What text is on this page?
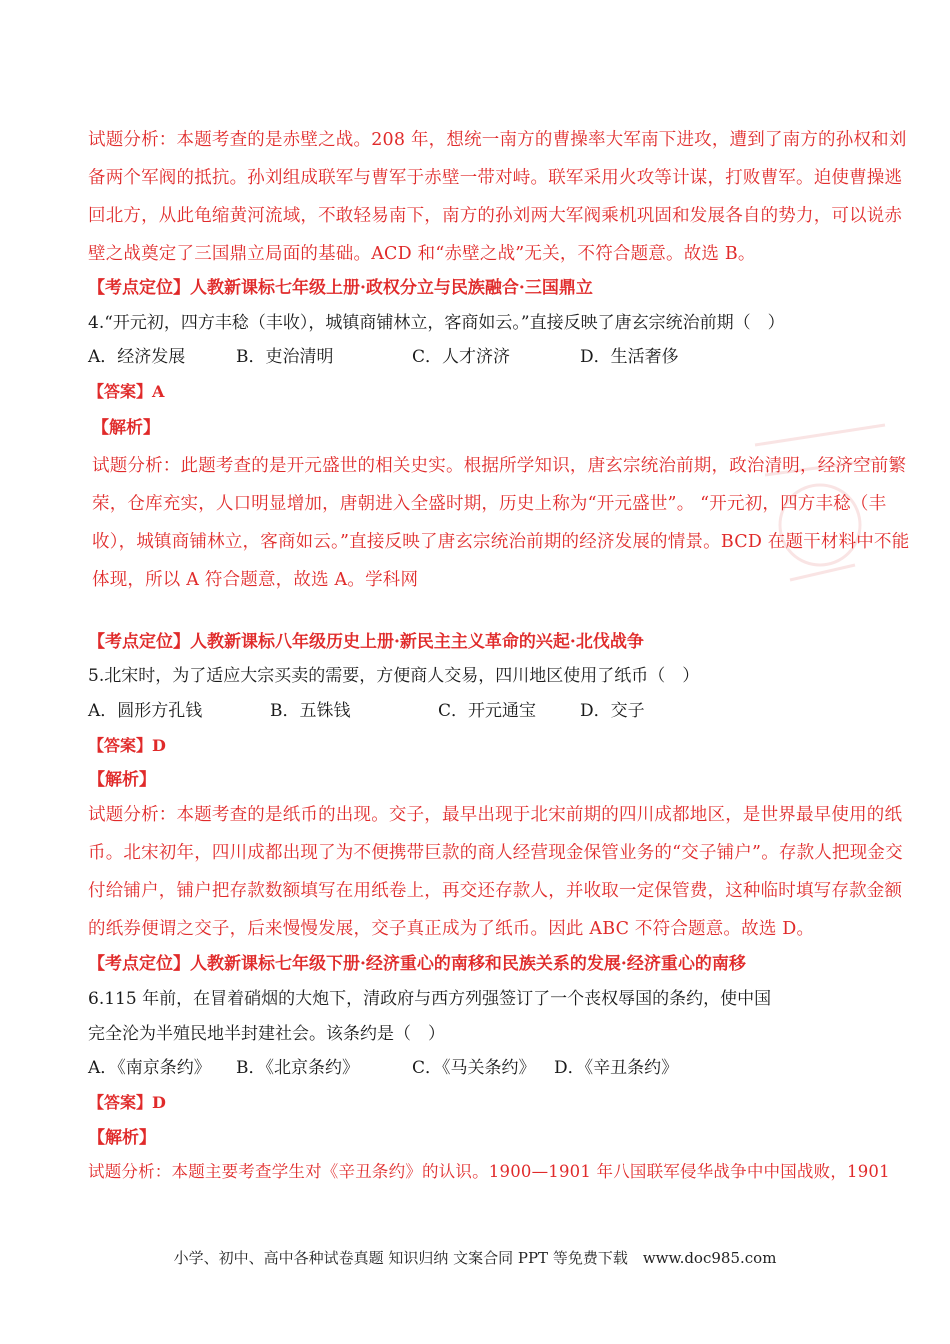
试题分析：本题考查的是赤壁之战。208 年，想统一南方的曹操率大军南下进攻，遭到了南方的孙权和刘
备两个军阀的抵抗。孙刘组成联军与曹军于赤壁一带对峙。联军采用火攻等计谋，打败曹军。迫使曹操逃
回北方，从此龟缩黄河流域，不敢轻易南下，南方的孙刘两大军阀乘机巩固和发展各自的势力，可以说赤
壁之战奠定了三国鼎立局面的基础。ACD 和“赤壁之战”无关，不符合题意。故选 B。
【考点定位】人教新课标七年级上册·政权分立与民族融合·三国鼎立
4.“开元初，四方丰稔（丰收），城镇商铺林立，客商如云。”直接反映了唐玄宗统治前期（　）
A．经济发展	B．吏治清明	C．人才济济	D．生活奢侈
【答案】A
【解析】
试题分析：此题考查的是开元盛世的相关史实。根据所学知识，唐玄宗统治前期，政治清明，经济空前繁
荣，仓库充实，人口明显增加，唐朝进入全盛时期，历史上称为“开元盛世”。 “开元初，四方丰稔（丰
收），城镇商铺林立，客商如云。”直接反映了唐玄宗统治前期的经济发展的情景。BCD 在题干材料中不能
体现，所以 A 符合题意，故选 A。学科网
【考点定位】人教新课标八年级历史上册·新民主主义革命的兴起·北伐战争
5.北宋时，为了适应大宗买卖的需要，方便商人交易，四川地区使用了纸币（　）
A．圆形方孔钱	B．五铢钱	C．开元通宝	D．交子
【答案】D
【解析】
试题分析：本题考查的是纸币的出现。交子，最早出现于北宋前期的四川成都地区，是世界最早使用的纸
币。北宋初年，四川成都出现了为不便携带巨款的商人经营现金保管业务的“交子铺户”。存款人把现金交
付给铺户，铺户把存款数额填写在用纸卷上，再交还存款人，并收取一定保管费，这种临时填写存款金额
的纸券便谓之交子，后来慢慢发展，交子真正成为了纸币。因此 ABC 不符合题意。故选 D。
【考点定位】人教新课标七年级下册·经济重心的南移和民族关系的发展·经济重心的南移
6.115 年前，在冒着硝烟的大炮下，清政府与西方列强签订了一个丧权辱国的条约，使中国
完全沦为半殖民地半封建社会。该条约是（　）
A．《南京条约》 B．《北京条约》	C．《马关条约》 D．《辛丑条约》
【答案】D
【解析】
试题分析：本题主要考查学生对《辛丑条约》的认识。1900—1901 年八国联军侵华战争中中国战败，1901
小学、初中、高中各种试卷真题 知识归纳 文案合同 PPT 等免费下载　www.doc985.com
